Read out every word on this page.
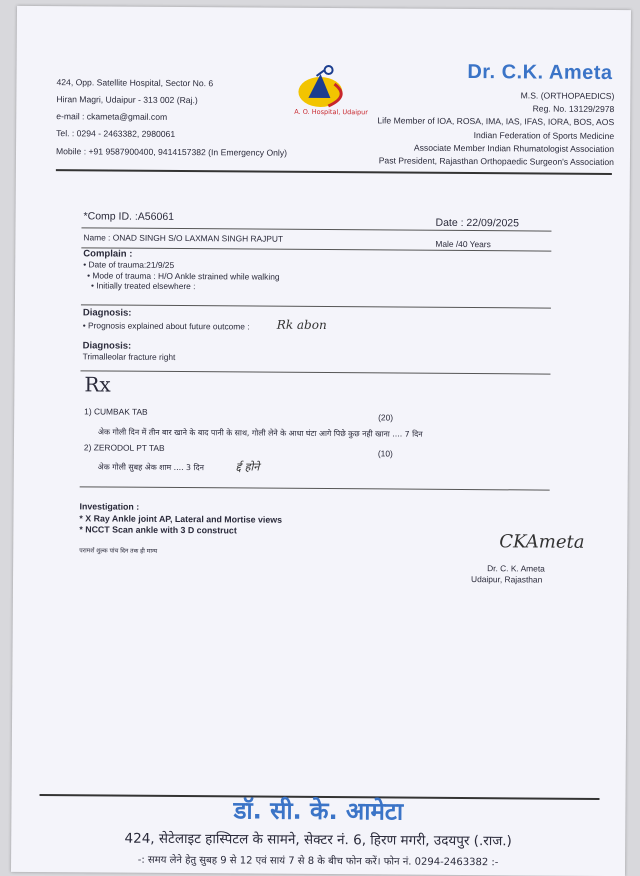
424, Opp. Satellite Hospital, Sector No. 6
Hiran Magri, Udaipur - 313 002 (Raj.)
e-mail : ckameta@gmail.com
Tel. : 0294 - 2463382, 2980061
Mobile : +91 9587900400, 9414157382 (In Emergency Only)
A. O. Hospital, Udaipur
Dr. C.K. Ameta
M.S. (ORTHOPAEDICS)
Reg. No. 13129/2978
Life Member of IOA, ROSA, IMA, IAS, IFAS, IORA, BOS, AOS
Indian Federation of Sports Medicine
Associate Member Indian Rhumatologist Association
Past President, Rajasthan Orthopaedic Surgeon's Association
*Comp ID. :A56061
Date : 22/09/2025
Name : ONAD SINGH S/O LAXMAN SINGH RAJPUT
Male /40 Years
Complain :
• Date of trauma:21/9/25
• Mode of trauma : H/O Ankle strained while walking
• Initially treated elsewhere :
Diagnosis:
• Prognosis explained about future outcome : Rk abon
Diagnosis:
Trimalleolar fracture right
Rx
1) CUMBAK TAB
(20)
अेक गोली दिन में तीन बार खाने के बाद पानी के साथ, गोली लेने के आधा घंटा आगे पिछे कुछ नही खाना .... 7 दिन
2) ZERODOL PT TAB
(10)
अेक गोली सुबह अेक शाम .... 3 दिन	र्द्द होने
Investigation :
* X Ray Ankle joint AP, Lateral and Mortise views
* NCCT Scan ankle with 3 D construct
परामर्श शुल्क पांच दिन तक ही मान्य	CKAmeta
Dr. C. K. Ameta
Udaipur, Rajasthan
डॉ. सी. के. आमेटा
424, सेटेलाइट हास्पिटल के सामने, सेक्टर नं. 6, हिरण मगरी, उदयपुर (.राज.)
-: समय लेने हेतु सुबह 9 से 12 एवं सायं 7 से 8 के बीच फोन करें। फोन नं. 0294-2463382 :-
